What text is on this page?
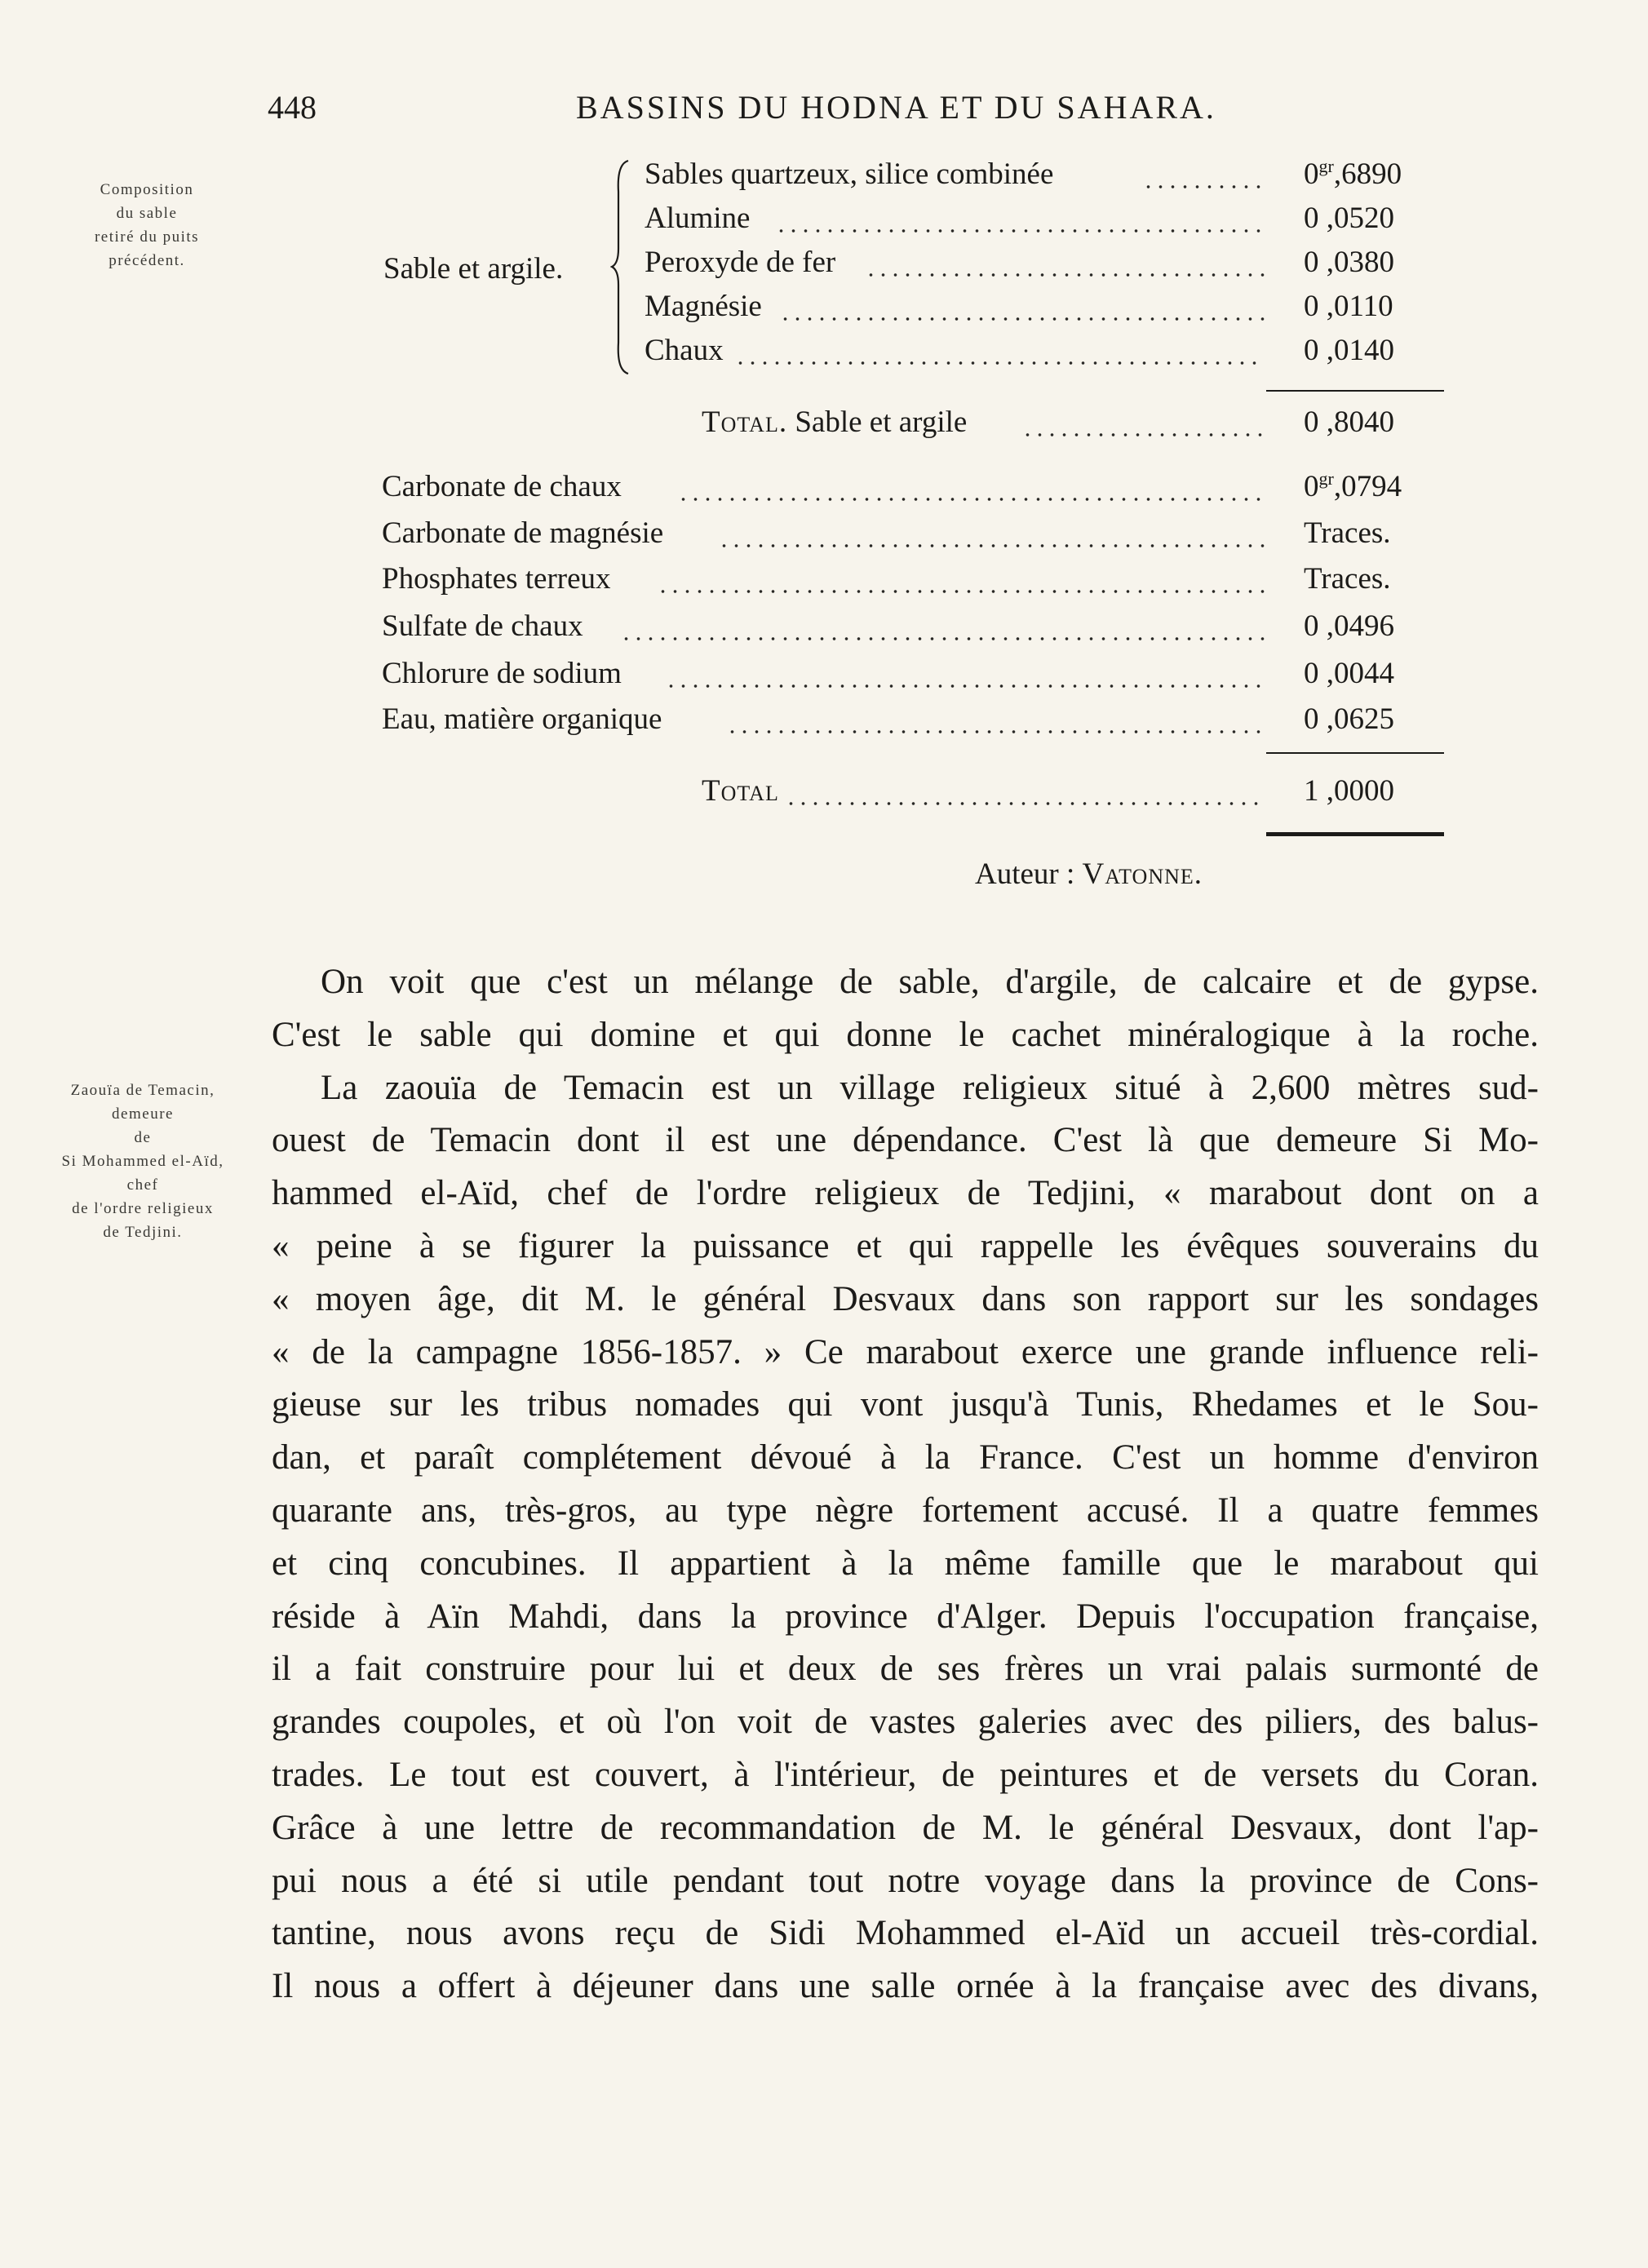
448	BASSINS DU HODNA ET DU SAHARA.
Composition
du sable
retiré du puits
précédent.
Zaouïa de Temacin,
demeure
de
Si Mohammed el-Aïd,
chef
de l'ordre religieux
de Tedjini.
Sable et argile.
Sables quartzeux, silice combinée	$0^{gr},6890$
Alumine	0 ,0520
Peroxyde de fer	0 ,0380
Magnésie	0 ,0110
Chaux	0 ,0140
Total. Sable et argile	0 ,8040
Carbonate de chaux	$0^{gr},0794$
Carbonate de magnésie	Traces.
Phosphates terreux	Traces.
Sulfate de chaux	0 ,0496
Chlorure de sodium	0 ,0044
Eau, matière organique	0 ,0625
Total	1 ,0000
Auteur : Vatonne.
On voit que c'est un mélange de sable, d'argile, de calcaire et de gypse.
C'est le sable qui domine et qui donne le cachet minéralogique à la roche.
La zaouïa de Temacin est un village religieux situé à 2,600 mètres sud-
ouest de Temacin dont il est une dépendance. C'est là que demeure Si Mo-
hammed el-Aïd, chef de l'ordre religieux de Tedjini, « marabout dont on a
« peine à se figurer la puissance et qui rappelle les évêques souverains du
« moyen âge, dit M. le général Desvaux dans son rapport sur les sondages
« de la campagne 1856-1857. » Ce marabout exerce une grande influence reli-
gieuse sur les tribus nomades qui vont jusqu'à Tunis, Rhedames et le Sou-
dan, et paraît complétement dévoué à la France. C'est un homme d'environ
quarante ans, très-gros, au type nègre fortement accusé. Il a quatre femmes
et cinq concubines. Il appartient à la même famille que le marabout qui
réside à Aïn Mahdi, dans la province d'Alger. Depuis l'occupation française,
il a fait construire pour lui et deux de ses frères un vrai palais surmonté de
grandes coupoles, et où l'on voit de vastes galeries avec des piliers, des balus-
trades. Le tout est couvert, à l'intérieur, de peintures et de versets du Coran.
Grâce à une lettre de recommandation de M. le général Desvaux, dont l'ap-
pui nous a été si utile pendant tout notre voyage dans la province de Cons-
tantine, nous avons reçu de Sidi Mohammed el-Aïd un accueil très-cordial.
Il nous a offert à déjeuner dans une salle ornée à la française avec des divans,
